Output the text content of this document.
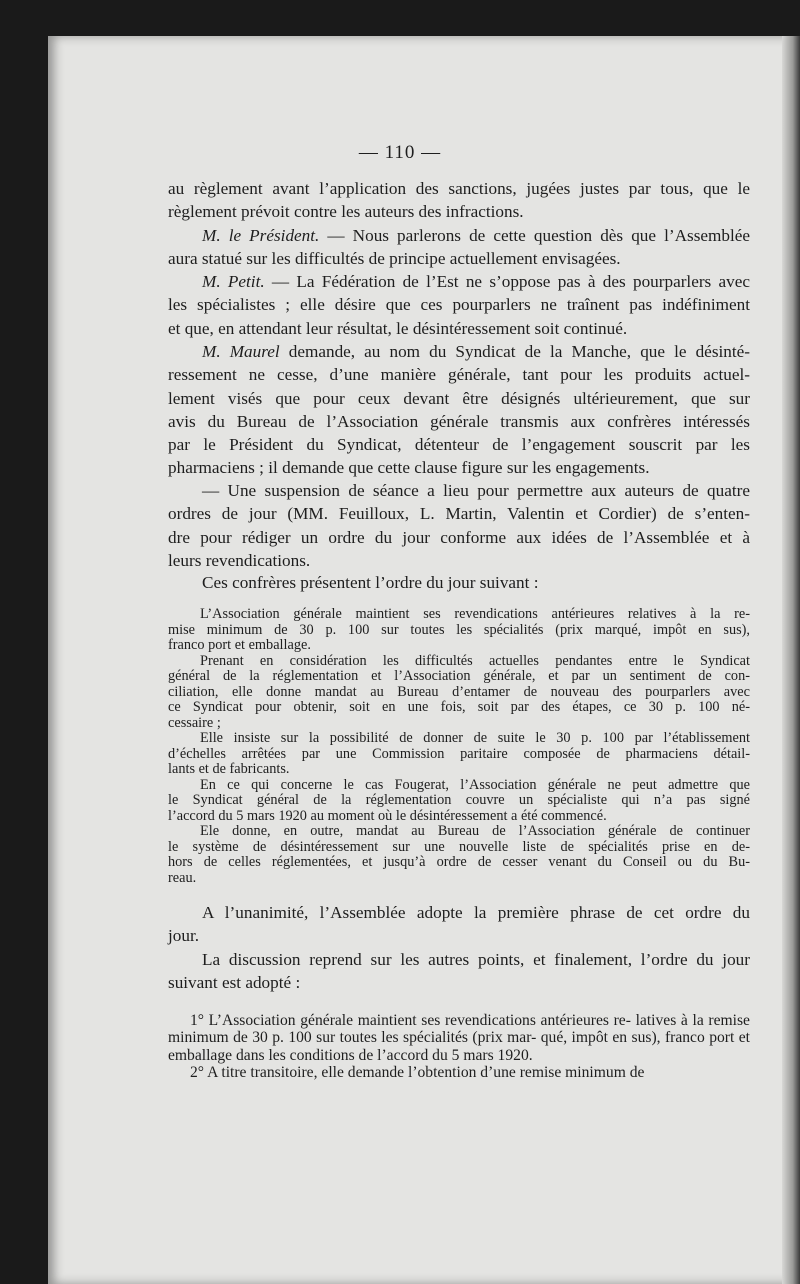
— 110 —

au règlement avant l’application des sanctions, jugées justes par tous, que le
règlement prévoit contre les auteurs des infractions.

M. le Président. — Nous parlerons de cette question dès que l’Assemblée
aura statué sur les difficultés de principe actuellement envisagées.

M. Petit. — La Fédération de l’Est ne s’oppose pas à des pourparlers avec
les spécialistes ; elle désire que ces pourparlers ne traînent pas indéfiniment
et que, en attendant leur résultat, le désintéressement soit continué.

M. Maurel demande, au nom du Syndicat de la Manche, que le désinté-
ressement ne cesse, d’une manière générale, tant pour les produits actuel-
lement visés que pour ceux devant être désignés ultérieurement, que sur
avis du Bureau de l’Association générale transmis aux confrères intéressés
par le Président du Syndicat, détenteur de l’engagement souscrit par les
pharmaciens ; il demande que cette clause figure sur les engagements.

— Une suspension de séance a lieu pour permettre aux auteurs de quatre
ordres de jour (MM. Feuilloux, L. Martin, Valentin et Cordier) de s’enten-
dre pour rédiger un ordre du jour conforme aux idées de l’Assemblée et à
leurs revendications.

Ces confrères présentent l’ordre du jour suivant :

L’Association générale maintient ses revendications antérieures relatives à la re-
mise minimum de 30 p. 100 sur toutes les spécialités (prix marqué, impôt en sus),
franco port et emballage.

Prenant en considération les difficultés actuelles pendantes entre le Syndicat
général de la réglementation et l’Association générale, et par un sentiment de con-
ciliation, elle donne mandat au Bureau d’entamer de nouveau des pourparlers avec
ce Syndicat pour obtenir, soit en une fois, soit par des étapes, ce 30 p. 100 né-
cessaire ;

Elle insiste sur la possibilité de donner de suite le 30 p. 100 par l’établissement
d’échelles arrêtées par une Commission paritaire composée de pharmaciens détail-
lants et de fabricants.

En ce qui concerne le cas Fougerat, l’Association générale ne peut admettre que
le Syndicat général de la réglementation couvre un spécialiste qui n’a pas signé
l’accord du 5 mars 1920 au moment où le désintéressement a été commencé.

Ele donne, en outre, mandat au Bureau de l’Association générale de continuer
le système de désintéressement sur une nouvelle liste de spécialités prise en de-
hors de celles réglementées, et jusqu’à ordre de cesser venant du Conseil ou du Bu-
reau.

A l’unanimité, l’Assemblée adopte la première phrase de cet ordre du
jour.

La discussion reprend sur les autres points, et finalement, l’ordre du jour
suivant est adopté :

1° L’Association générale maintient ses revendications antérieures re- latives à la remise minimum de 30 p. 100 sur toutes les spécialités (prix mar- qué, impôt en sus), franco port et emballage dans les conditions de l’accord du 5 mars 1920.

2° A titre transitoire, elle demande l’obtention d’une remise minimum de
